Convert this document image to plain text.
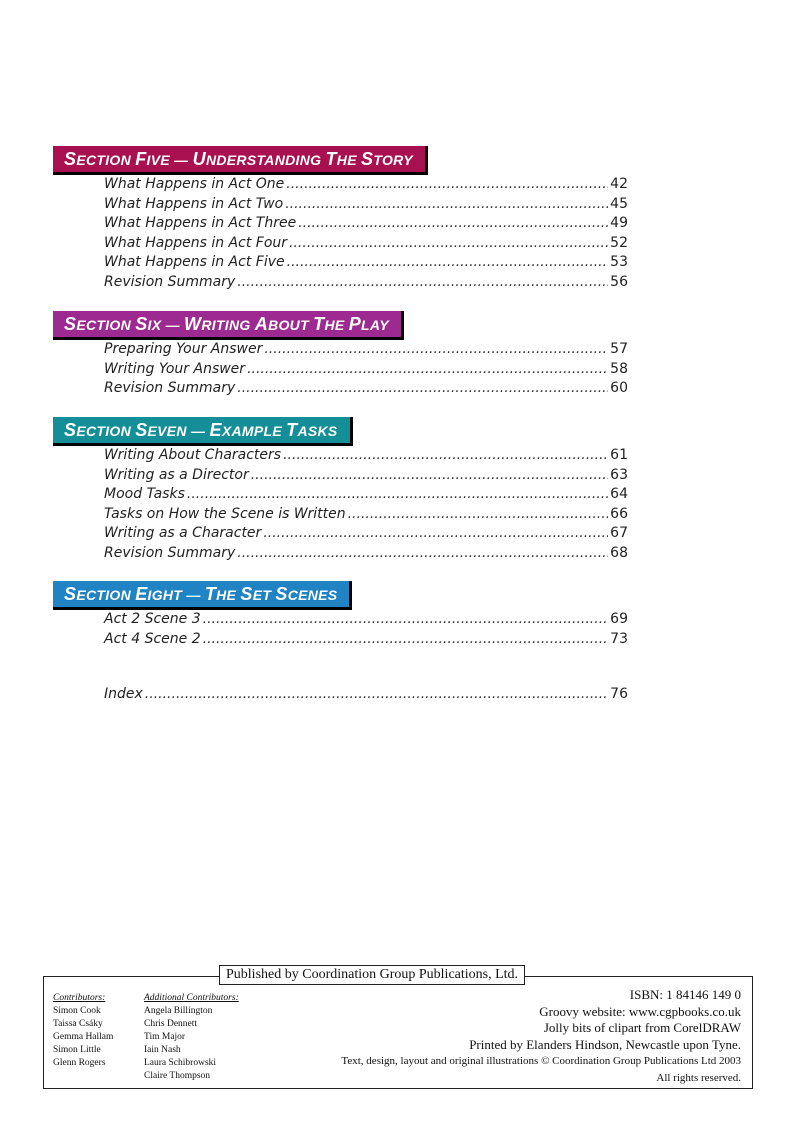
SECTION FIVE — UNDERSTANDING THE STORY
What Happens in Act One .....	42
What Happens in Act Two .....	45
What Happens in Act Three .....	49
What Happens in Act Four .....	52
What Happens in Act Five .....	53
Revision Summary .....	56
SECTION SIX — WRITING ABOUT THE PLAY
Preparing Your Answer .....	57
Writing Your Answer .....	58
Revision Summary .....	60
SECTION SEVEN — EXAMPLE TASKS
Writing About Characters .....	61
Writing as a Director .....	63
Mood Tasks .....	64
Tasks on How the Scene is Written .....	66
Writing as a Character .....	67
Revision Summary .....	68
SECTION EIGHT — THE SET SCENES
Act 2 Scene 3 .....	69
Act 4 Scene 2 .....	73
Index .....	76
Published by Coordination Group Publications, Ltd.
Contributors:
Simon Cook
Taissa Csáky
Gemma Hallam
Simon Little
Glenn Rogers
Additional Contributors:
Angela Billington
Chris Dennett
Tim Major
Iain Nash
Laura Schibrowski
Claire Thompson
ISBN: 1 84146 149 0
Groovy website: www.cgpbooks.co.uk
Jolly bits of clipart from CorelDRAW
Printed by Elanders Hindson, Newcastle upon Tyne.
Text, design, layout and original illustrations © Coordination Group Publications Ltd 2003
All rights reserved.
